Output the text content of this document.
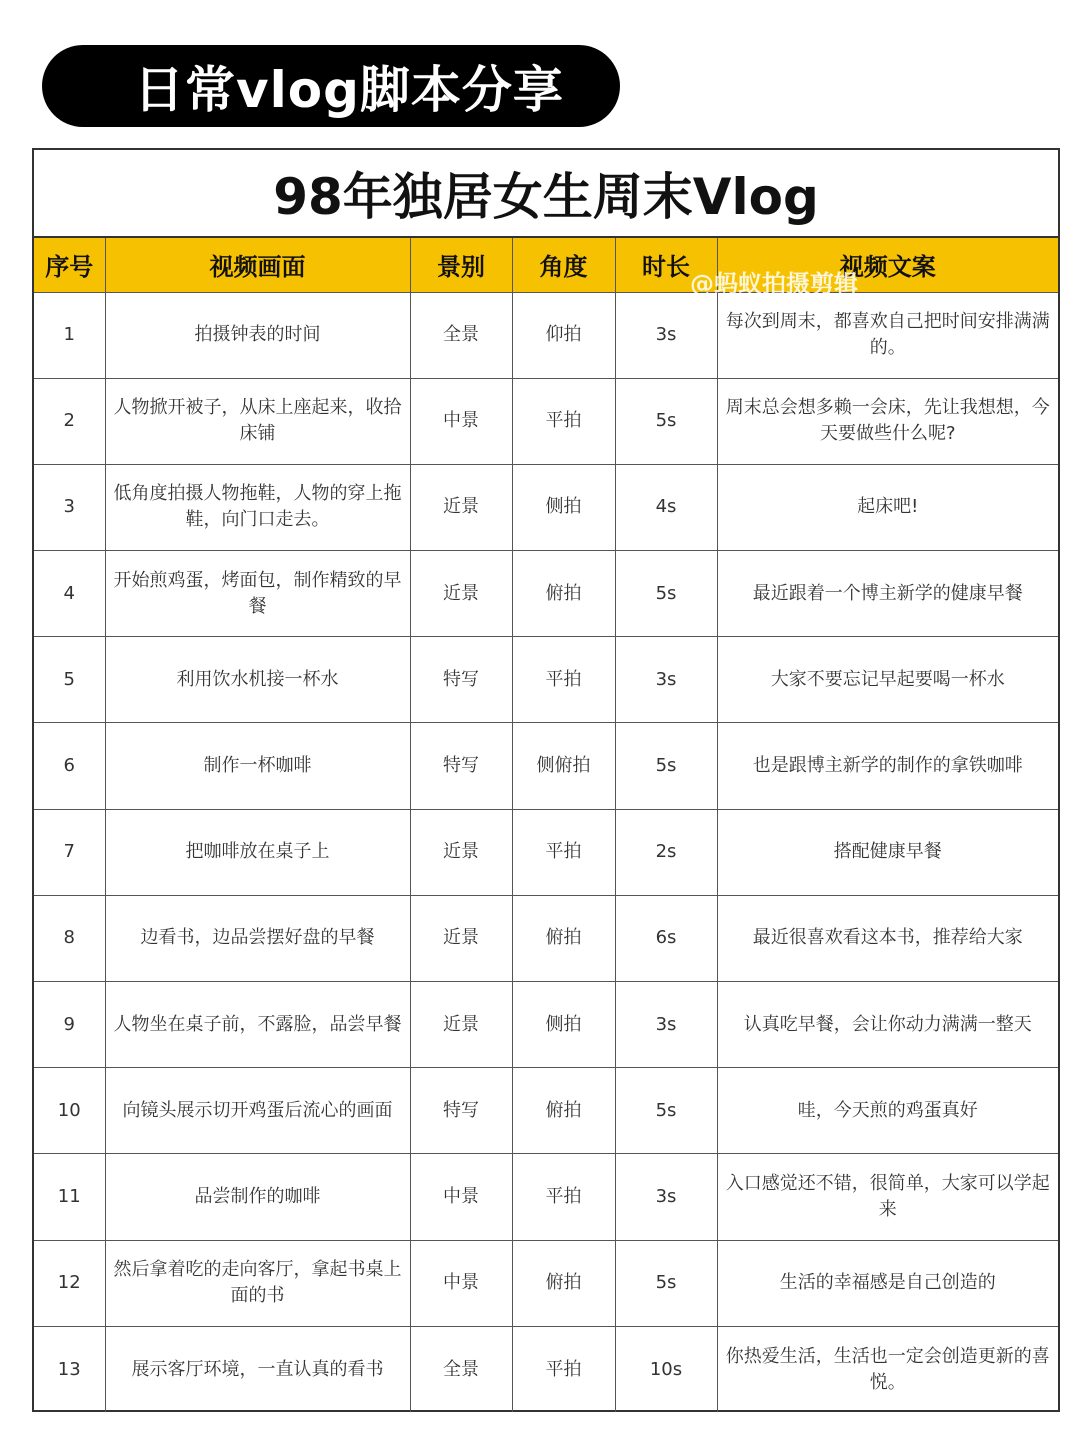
日常vlog脚本分享
98年独居女生周末Vlog
序号	视频画面	景别	角度	时长	视频文案
1	拍摄钟表的时间	全景	仰拍	3s	每次到周末，都喜欢自己把时间安排满满的。
2	人物掀开被子，从床上座起来，收拾床铺	中景	平拍	5s	周末总会想多赖一会床，先让我想想，今天要做些什么呢?
3	低角度拍摄人物拖鞋，人物的穿上拖鞋，向门口走去。	近景	侧拍	4s	起床吧!
4	开始煎鸡蛋，烤面包，制作精致的早餐	近景	俯拍	5s	最近跟着一个博主新学的健康早餐
5	利用饮水机接一杯水	特写	平拍	3s	大家不要忘记早起要喝一杯水
6	制作一杯咖啡	特写	侧俯拍	5s	也是跟博主新学的制作的拿铁咖啡
7	把咖啡放在桌子上	近景	平拍	2s	搭配健康早餐
8	边看书，边品尝摆好盘的早餐	近景	俯拍	6s	最近很喜欢看这本书，推荐给大家
9	人物坐在桌子前，不露脸，品尝早餐	近景	侧拍	3s	认真吃早餐，会让你动力满满一整天
10	向镜头展示切开鸡蛋后流心的画面	特写	俯拍	5s	哇，今天煎的鸡蛋真好
11	品尝制作的咖啡	中景	平拍	3s	入口感觉还不错，很简单，大家可以学起来
12	然后拿着吃的走向客厅，拿起书桌上面的书	中景	俯拍	5s	生活的幸福感是自己创造的
13	展示客厅环境，一直认真的看书	全景	平拍	10s	你热爱生活，生活也一定会创造更新的喜悦。
@蚂蚁拍摄剪辑
